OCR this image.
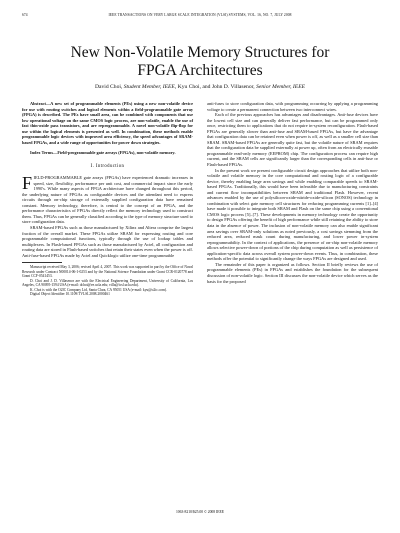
674	IEEE TRANSACTIONS ON VERY LARGE SCALE INTEGRATION (VLSI) SYSTEMS, VOL. 16, NO. 7, JULY 2008
New Non-Volatile Memory Structures for
FPGA Architectures
David Choi, Student Member, IEEE, Kyu Choi, and John D. Villasenor, Senior Member, IEEE

Abstract—A new set of programmable elements (PEs) using a new non-volatile device for use with routing switches and logical elements within a field-programmable gate array (FPGA) is described. The PEs have small area, can be combined with components that use low operational voltage on the same CMOS logic process, are non-volatile, enable the use of fast thin-oxide pass transistors, and are reprogrammable. A novel non-volatile flip-flop for use within the logical elements is presented as well. In combination, these methods enable programmable logic devices with improved area efficiency, the speed advantages of SRAM-based FPGAs, and a wide range of opportunities for power down strategies.

Index Terms—Field-programmable gate arrays (FPGAs), non-volatile memory.

I. Introduction

FIELD-PROGRAMMABLE gate arrays (FPGAs) have experienced dramatic increases in speed, size, flexibility, performance per unit cost, and commercial impact since the early 1990's. While many aspects of FPGA architecture have changed throughout this period, the underlying nature of FPGAs as configurable devices and the attendant need to express circuits through on-chip storage of externally supplied configuration data have remained constant. Memory technology, therefore, is central to the concept of an FPGA, and the performance characteristics of FPGAs directly reflect the memory technology used to construct them. Thus, FPGAs can be generally classified according to the type of memory structure used to store configuration data.

SRAM-based FPGAs such as those manufactured by Xilinx and Altera comprise the largest fraction of the overall market. These FPGAs utilize SRAM for expressing routing and core programmable computational functions, typically through the use of lookup tables and multiplexers. In Flash-based FPGAs such as those manufactured by Actel, all configuration and routing data are stored in Flash-based switches that retain their states even when the power is off. Anti-fuse-based FPGAs made by Actel and Quicklogic utilize one-time programmable

Manuscript received May 3, 2006; revised April 4, 2007. This work was supported in part by the Office of Naval Research under Contract N00014-06-1-0253 and by the National Science Foundation under Grant CCR-0120778 and Grant CCF-0541453.

D. Choi and J. D. Villasenor are with the Electrical Engineering Department, University of California, Los Angeles, CA 90095-1594 USA (e-mail: dchoi@ee.ucla.edu; villa@icsl.ucla.edu).

K. Choi is with the O2IC Company Ltd, Santa Clara, CA 95051 USA (e-mail: kyu@o2ic.com).

Digital Object Identifier 10.1109/TVLSI.2008.2000461

anti-fuses to store configuration data, with programming occurring by applying a programming voltage to create a permanent connection between two interconnect wires.

Each of the previous approaches has advantages and disadvantages. Anti-fuse devices have the lowest cell size and can generally deliver fast performance, but can be programmed only once, restricting them to applications that do not require in-system reconfiguration. Flash-based FPGAs are generally slower than anti-fuse and SRAM-based FPGAs, but have the advantage that configuration data can be retained even when power is off, as well as a smaller cell size than SRAM. SRAM-based FPGAs are generally quite fast, but the volatile nature of SRAM requires that the configuration data be supplied externally at power up, often from an electrically erasable programmable read-only memory (EEPROM) chip. The configuration process can require high current, and the SRAM cells are significantly larger than the corresponding cells in anti-fuse or Flash-based FPGAs.

In the present work we present configurable circuit design approaches that utilize both non-volatile and volatile memory in the core computational and routing logic of a configurable device, thereby enabling large area savings and while enabling comparable speeds to SRAM-based FPGAs. Traditionally, this would have been infeasible due to manufacturing constraints and current flow incompatibilities between SRAM and traditional Flash. However, recent advances enabled by the use of polysilicon-oxide-nitride-oxide-silicon (SONOS) technology in combination with select gate memory cell structures for reducing programming currents [1]–[4] have made it possible to integrate both SRAM and Flash on the same chip using a conventional CMOS logic process [5]–[7]. These developments in memory technology create the opportunity to design FPGAs offering the benefit of high performance while still retaining the ability to store data in the absence of power. The inclusion of non-volatile memory can also enable significant area savings over SRAM-only solutions as noted previously, a cost savings stemming from the reduced area, reduced mask count during manufacturing, and lower power in-system reprogrammability. In the context of applications, the presence of on-chip non-volatile memory allows selective power-down of portions of the chip during computation as well as persistence of application-specific data across overall system power-down events. Thus, in combination, these methods offer the potential to significantly change the ways FPGAs are designed and used.

The remainder of this paper is organized as follows. Section II briefly reviews the use of programmable elements (PEs) in FPGAs and establishes the foundation for the subsequent discussion of non-volatile logic. Section III discusses the non-volatile device which serves as the basis for the proposed

1063-8210/$25.00 © 2008 IEEE
